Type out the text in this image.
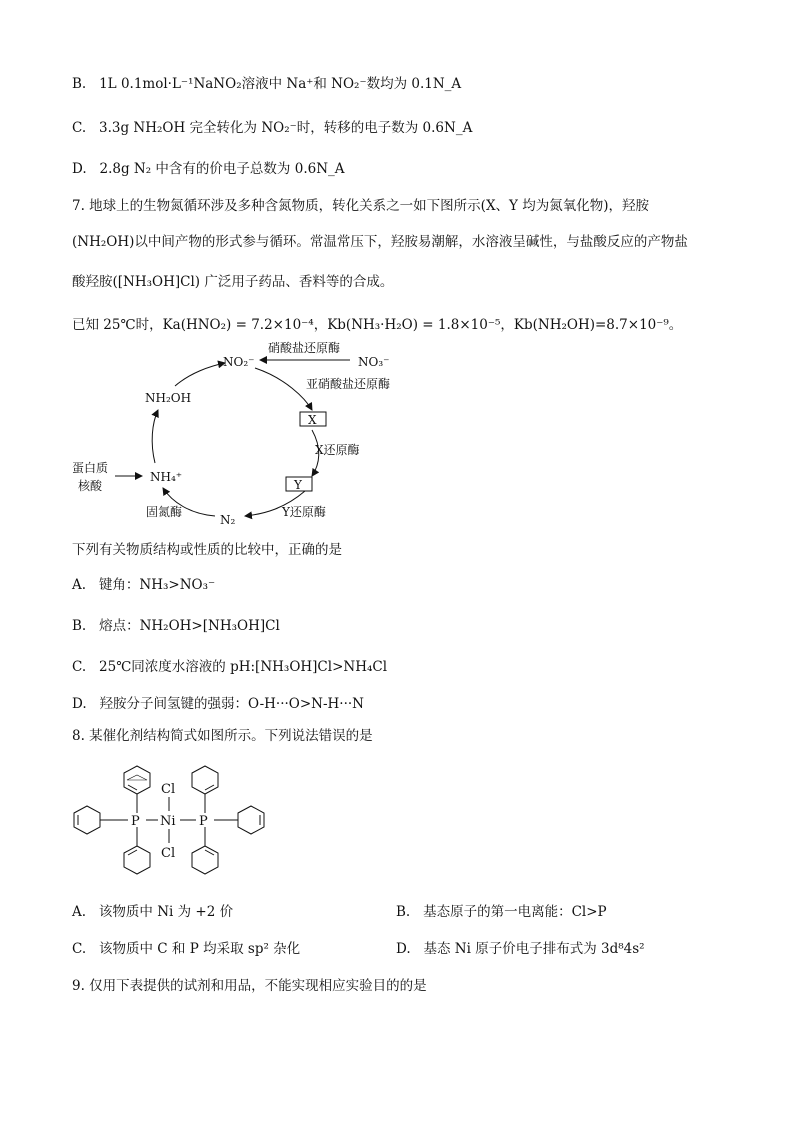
B. 1L 0.1mol·L⁻¹NaNO₂溶液中 Na⁺和 NO₂⁻数均为 0.1N_A
C. 3.3g NH₂OH 完全转化为 NO₂⁻时，转移的电子数为 0.6N_A
D. 2.8g N₂ 中含有的价电子总数为 0.6N_A
7. 地球上的生物氮循环涉及多种含氮物质，转化关系之一如下图所示(X、Y 均为氮氧化物)，羟胺
(NH₂OH)以中间产物的形式参与循环。常温常压下，羟胺易潮解，水溶液呈碱性，与盐酸反应的产物盐
酸羟胺([NH₃OH]Cl) 广泛用子药品、香料等的合成。
已知 25℃时，Ka(HNO₂) = 7.2×10⁻⁴，Kb(NH₃·H₂O) = 1.8×10⁻⁵，Kb(NH₂OH)=8.7×10⁻⁹。
NO₂⁻	NO₃⁻
X
Y
N₂
NH₄⁺
NH₂OH
蛋白质
核酸
硝酸盐还原酶
亚硝酸盐还原酶
X还原酶
Y还原酶
固氮酶
下列有关物质结构或性质的比较中，正确的是
A. 键角：NH₃>NO₃⁻
B. 熔点：NH₂OH>[NH₃OH]Cl
C. 25℃同浓度水溶液的 pH:[NH₃OH]Cl>NH₄Cl
D. 羟胺分子间氢键的强弱：O-H···O>N-H···N
8. 某催化剂结构简式如图所示。下列说法错误的是
P	P
Ni
Cl
Cl
A. 该物质中 Ni 为 +2 价	B. 基态原子的第一电离能：Cl>P
C. 该物质中 C 和 P 均采取 sp² 杂化	D. 基态 Ni 原子价电子排布式为 3d⁸4s²
9. 仅用下表提供的试剂和用品，不能实现相应实验目的的是
